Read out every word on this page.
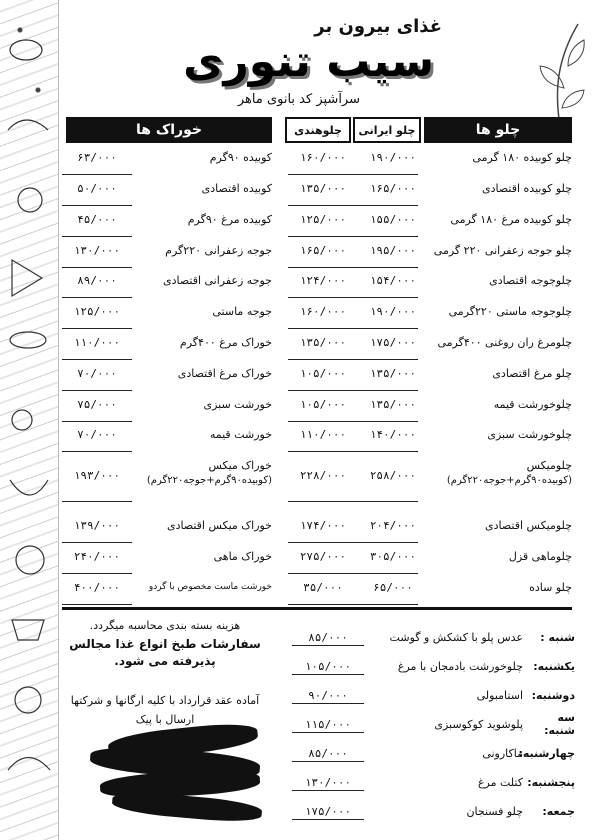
غذای بیرون بر
سیب تنوری
سرآشپز کد بانوی ماهر
چلو ها
چلو ایرانی
چلوهندی
خوراک ها
چلو کوبیده ۱۸۰ گرمی
۱۹۰/۰۰۰
۱۶۰/۰۰۰
چلو کوبیده اقتصادی
۱۶۵/۰۰۰
۱۳۵/۰۰۰
چلو کوبیده مرغ ۱۸۰ گرمی
۱۵۵/۰۰۰
۱۲۵/۰۰۰
چلو جوجه زعفرانی ۲۲۰ گرمی
۱۹۵/۰۰۰
۱۶۵/۰۰۰
چلوجوجه اقتصادی
۱۵۴/۰۰۰
۱۲۴/۰۰۰
چلوجوجه ماستی ۲۲۰گرمی
۱۹۰/۰۰۰
۱۶۰/۰۰۰
چلومرغ ران روغنی ۴۰۰گرمی
۱۷۵/۰۰۰
۱۳۵/۰۰۰
چلو مرغ اقتصادی
۱۳۵/۰۰۰
۱۰۵/۰۰۰
چلوخورشت قیمه
۱۳۵/۰۰۰
۱۰۵/۰۰۰
چلوخورشت سبزی
۱۴۰/۰۰۰
۱۱۰/۰۰۰
چلومیکس
(کوبیده۹۰گرم+جوجه۲۲۰گرم)
۲۵۸/۰۰۰
۲۲۸/۰۰۰
چلومیکس اقتصادی
۲۰۴/۰۰۰
۱۷۴/۰۰۰
چلوماهی قزل
۳۰۵/۰۰۰
۲۷۵/۰۰۰
چلو ساده
۶۵/۰۰۰
۳۵/۰۰۰
کوبیده ۹۰گرم
۶۳/۰۰۰
کوبیده اقتصادی
۵۰/۰۰۰
کوبیده مرغ ۹۰گرم
۴۵/۰۰۰
جوجه زعفرانی ۲۲۰گرم
۱۳۰/۰۰۰
جوجه زعفرانی اقتصادی
۸۹/۰۰۰
جوجه ماستی
۱۲۵/۰۰۰
خوراک مرغ ۴۰۰گرم
۱۱۰/۰۰۰
خوراک مرغ اقتصادی
۷۰/۰۰۰
خورشت سبزی
۷۵/۰۰۰
خورشت قیمه
۷۰/۰۰۰
خوراک میکس
(کوبیده۹۰گرم+جوجه۲۲۰گرم)
۱۹۳/۰۰۰
خوراک میکس اقتصادی
۱۳۹/۰۰۰
خوراک ماهی
۲۴۰/۰۰۰
خورشت ماست مخصوص با گردو
۴۰۰/۰۰۰
هزینه بسته بندی محاسبه میگردد.
سفارشات طبخ انواع غذا مجالس
پذیرفته می شود.
آماده عقد قرارداد با کلیه ارگانها و شرکتها
ارسال با پیک
شنبه :
عدس پلو با کشکش و گوشت
۸۵/۰۰۰
یکشنبه:
چلوخورشت بادمجان با مرغ
۱۰۵/۰۰۰
دوشنبه:
استامبولی
۹۰/۰۰۰
سه شنبه:
پلوشوید کوکوسبزی
۱۱۵/۰۰۰
چهارشنبه:
ماکارونی
۸۵/۰۰۰
پنجشنبه:
کتلت مرغ
۱۳۰/۰۰۰
جمعه:
چلو فسنجان
۱۷۵/۰۰۰
